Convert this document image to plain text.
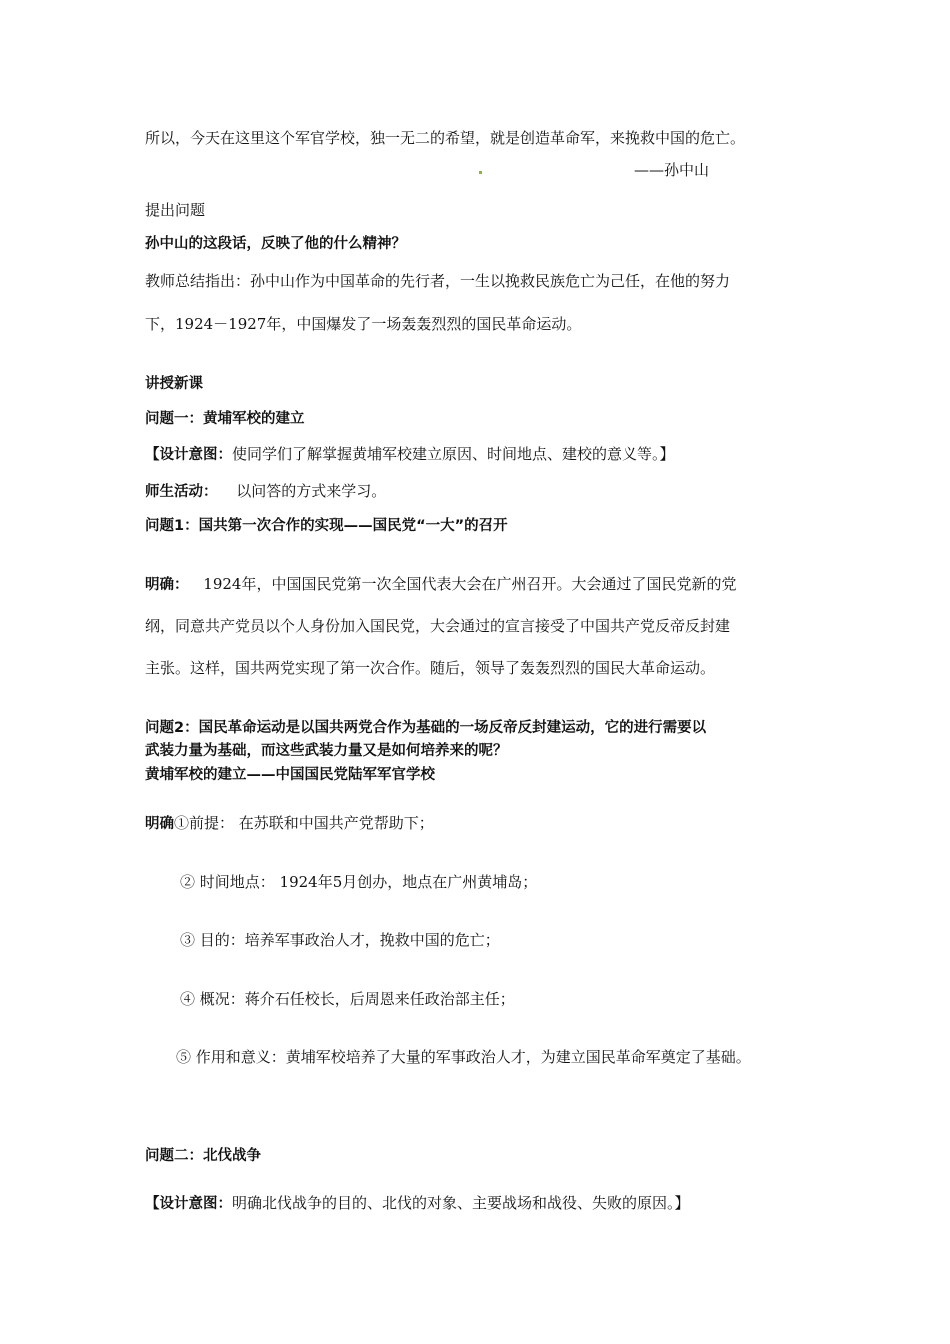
所以，今天在这里这个军官学校，独一无二的希望，就是创造革命军，来挽救中国的危亡。
——孙中山
提出问题
孙中山的这段话，反映了他的什么精神？
教师总结指出：孙中山作为中国革命的先行者，一生以挽救民族危亡为己任，在他的努力
下，1924－1927年，中国爆发了一场轰轰烈烈的国民革命运动。
讲授新课
问题一：黄埔军校的建立
【设计意图：使同学们了解掌握黄埔军校建立原因、时间地点、建校的意义等。】
师生活动： 以问答的方式来学习。
问题1：国共第一次合作的实现——国民党“一大”的召开
明确： 1924年，中国国民党第一次全国代表大会在广州召开。大会通过了国民党新的党
纲，同意共产党员以个人身份加入国民党，大会通过的宣言接受了中国共产党反帝反封建
主张。这样，国共两党实现了第一次合作。随后，领导了轰轰烈烈的国民大革命运动。
问题2：国民革命运动是以国共两党合作为基础的一场反帝反封建运动，它的进行需要以
武装力量为基础，而这些武装力量又是如何培养来的呢？
黄埔军校的建立——中国国民党陆军军官学校
明确①前提： 在苏联和中国共产党帮助下；
② 时间地点： 1924年5月创办，地点在广州黄埔岛；
③ 目的：培养军事政治人才，挽救中国的危亡；
④ 概况：蒋介石任校长，后周恩来任政治部主任；
⑤ 作用和意义：黄埔军校培养了大量的军事政治人才，为建立国民革命军奠定了基础。
问题二：北伐战争
【设计意图：明确北伐战争的目的、北伐的对象、主要战场和战役、失败的原因。】
